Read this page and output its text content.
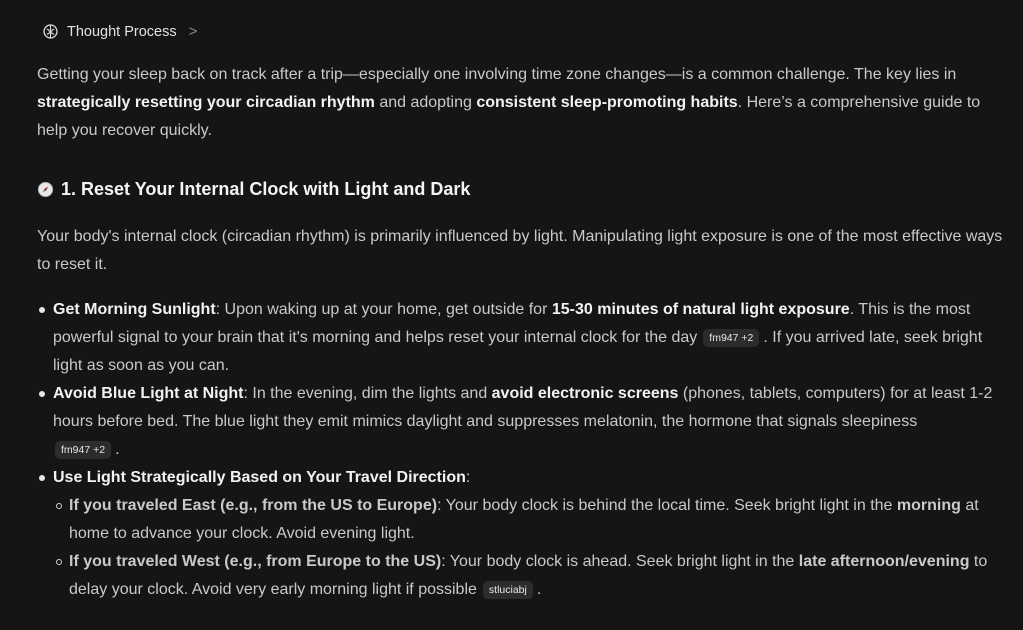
Thought Process >

Getting your sleep back on track after a trip—especially one involving time zone changes—is a common challenge. The key lies in strategically resetting your circadian rhythm and adopting consistent sleep-promoting habits. Here’s a comprehensive guide to help you recover quickly.

1. Reset Your Internal Clock with Light and Dark

Your body's internal clock (circadian rhythm) is primarily influenced by light. Manipulating light exposure is one of the most effective ways to reset it.

Get Morning Sunlight: Upon waking up at your home, get outside for 15-30 minutes of natural light exposure. This is the most powerful signal to your brain that it's morning and helps reset your internal clock for the day fm947 +2 . If you arrived late, seek bright light as soon as you can.
Avoid Blue Light at Night: In the evening, dim the lights and avoid electronic screens (phones, tablets, computers) for at least 1-2 hours before bed. The blue light they emit mimics daylight and suppresses melatonin, the hormone that signals sleepiness
fm947 +2 .
Use Light Strategically Based on Your Travel Direction:
If you traveled East (e.g., from the US to Europe): Your body clock is behind the local time. Seek bright light in the morning at home to advance your clock. Avoid evening light.
If you traveled West (e.g., from Europe to the US): Your body clock is ahead. Seek bright light in the late afternoon/evening to delay your clock. Avoid very early morning light if possible stluciabj .
